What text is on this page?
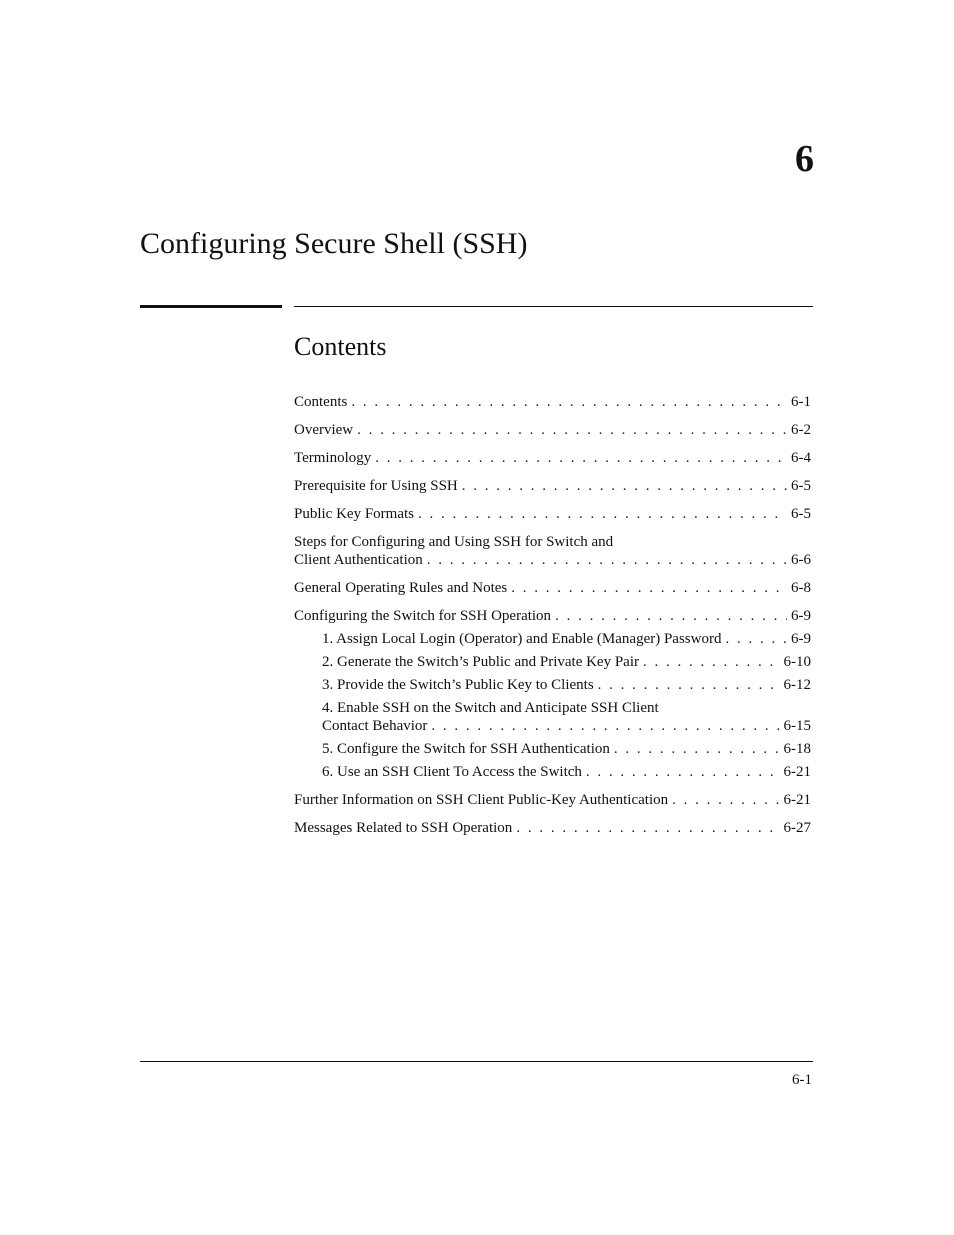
6
Configuring Secure Shell (SSH)
Contents
Contents . . .	6-1
Overview . . .	6-2
Terminology . . .	6-4
Prerequisite for Using SSH . . .	6-5
Public Key Formats . . .	6-5
Steps for Configuring and Using SSH for Switch and
Client Authentication . . .	6-6
General Operating Rules and Notes . . .	6-8
Configuring the Switch for SSH Operation . . .	6-9
1. Assign Local Login (Operator) and Enable (Manager) Password . . .	6-9
2. Generate the Switch’s Public and Private Key Pair . . .	6-10
3. Provide the Switch’s Public Key to Clients . . .	6-12
4. Enable SSH on the Switch and Anticipate SSH Client
Contact Behavior . . .	6-15
5. Configure the Switch for SSH Authentication . . .	6-18
6. Use an SSH Client To Access the Switch . . .	6-21
Further Information on SSH Client Public-Key Authentication . . .	6-21
Messages Related to SSH Operation . . .	6-27
6-1
